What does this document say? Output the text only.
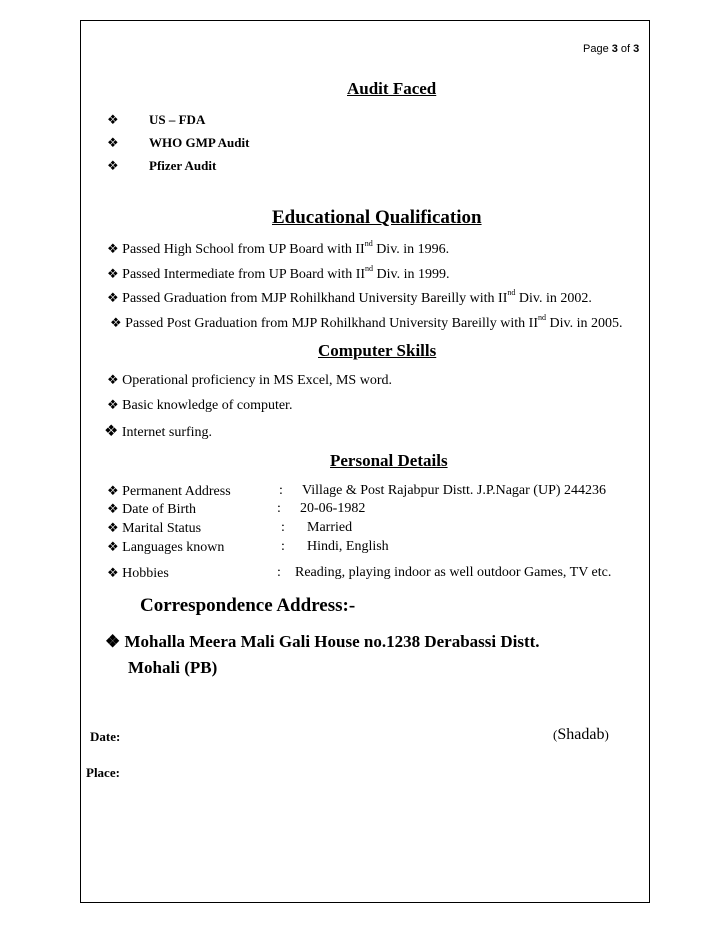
Page 3 of 3
Audit Faced
❖ US – FDA
❖ WHO GMP Audit
❖ Pfizer Audit
Educational Qualification
❖ Passed High School from UP Board with IInd Div. in 1996.
❖ Passed Intermediate from UP Board with IInd Div. in 1999.
❖ Passed Graduation from MJP Rohilkhand University Bareilly with IInd Div. in 2002.
❖ Passed Post Graduation from MJP Rohilkhand University Bareilly with IInd Div. in 2005.
Computer Skills
❖ Operational proficiency in MS Excel, MS word.
❖ Basic knowledge of computer.
❖ Internet surfing.
Personal Details
❖ Permanent Address	: Village & Post Rajabpur Distt. J.P.Nagar (UP) 244236
❖ Date of Birth	: 20-06-1982
❖ Marital Status	: Married
❖ Languages known	: Hindi, English
❖ Hobbies	: Reading, playing indoor as well outdoor Games, TV etc.
Correspondence Address:-
❖ Mohalla Meera Mali Gali House no.1238 Derabassi Distt.
Mohali (PB)
Date:	(Shadab)
Place:
